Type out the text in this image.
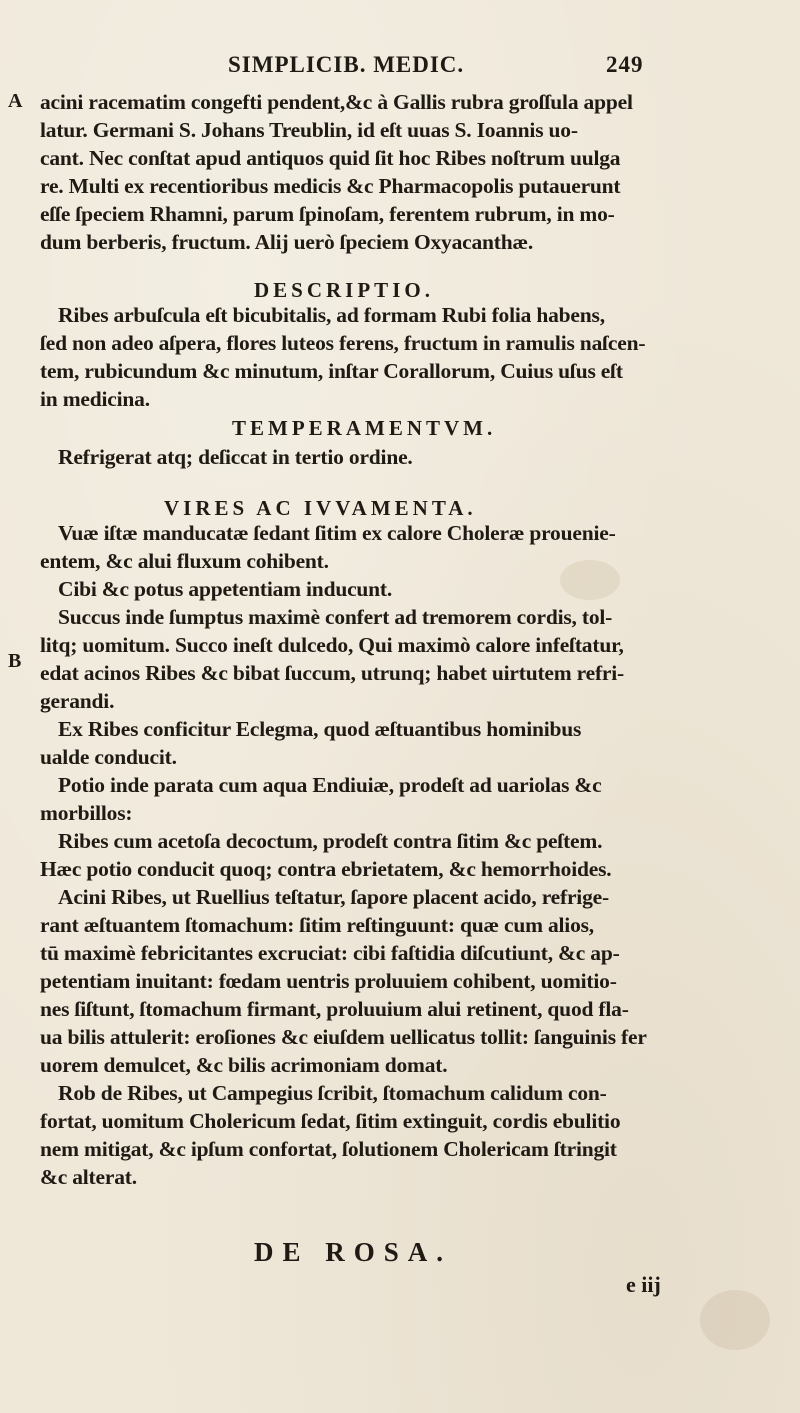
SIMPLICIB. MEDIC.	249
A
B
acini racematim congefti pendent,&c à Gallis rubra groſſula appel
latur. Germani S. Johans Treublin, id eſt uuas S. Ioannis uo-
cant. Nec conſtat apud antiquos quid ſit hoc Ribes noſtrum uulga
re. Multi ex recentioribus medicis &c Pharmacopolis putauerunt
eſſe ſpeciem Rhamni, parum ſpinoſam, ferentem rubrum, in mo-
dum berberis, fructum. Alij uerò ſpeciem Oxyacanthæ.
DESCRIPTIO.
Ribes arbuſcula eſt bicubitalis, ad formam Rubi folia habens,
ſed non adeo aſpera, flores luteos ferens, fructum in ramulis naſcen-
tem, rubicundum &c minutum, inſtar Corallorum, Cuius uſus eſt
in medicina.
TEMPERAMENTVM.
Refrigerat atq; deſiccat in tertio ordine.
VIRES AC IVVAMENTA.
Vuæ iſtæ manducatæ ſedant ſitim ex calore Choleræ prouenie-
entem, &c alui fluxum cohibent.
Cibi &c potus appetentiam inducunt.
Succus inde ſumptus maximè confert ad tremorem cordis, tol-
litq; uomitum. Succo ineſt dulcedo, Qui maximò calore infeſtatur,
edat acinos Ribes &c bibat ſuccum, utrunq; habet uirtutem refri-
gerandi.
Ex Ribes conficitur Eclegma, quod æſtuantibus hominibus
ualde conducit.
Potio inde parata cum aqua Endiuiæ, prodeſt ad uariolas &c
morbillos:
Ribes cum acetoſa decoctum, prodeſt contra ſitim &c peſtem.
Hæc potio conducit quoq; contra ebrietatem, &c hemorrhoides.
Acini Ribes, ut Ruellius teſtatur, ſapore placent acido, refrige-
rant æſtuantem ſtomachum: ſitim reſtinguunt: quæ cum alios,
tū maximè febricitantes excruciat: cibi faſtidia diſcutiunt, &c ap-
petentiam inuitant: fœdam uentris proluuiem cohibent, uomitio-
nes ſiſtunt, ſtomachum firmant, proluuium alui retinent, quod fla-
ua bilis attulerit: eroſiones &c eiuſdem uellicatus tollit: ſanguinis fer
uorem demulcet, &c bilis acrimoniam domat.
Rob de Ribes, ut Campegius ſcribit, ſtomachum calidum con-
fortat, uomitum Cholericum ſedat, ſitim extinguit, cordis ebulitio
nem mitigat, &c ipſum confortat, ſolutionem Cholericam ſtringit
&c alterat.
DE ROSA.
e iij
